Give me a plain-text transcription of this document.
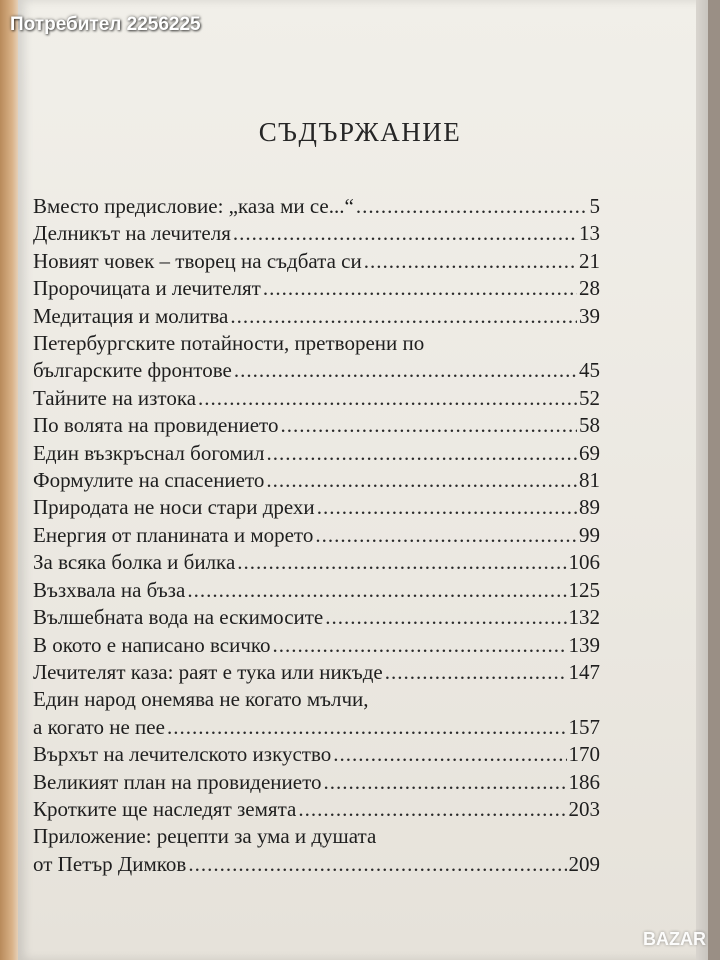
Потребител 2256225
BAZAR
СЪДЪРЖАНИЕ
Вместо предисловие: „каза ми се...“ .....	5
Делникът на лечителя .....	13
Новият човек – творец на съдбата си .....	21
Пророчицата и лечителят .....	28
Медитация и молитва .....	39
Петербургските потайности, претворени по
българските фронтове .....	45
Тайните на изтока .....	52
По волята на провидението .....	58
Един възкръснал богомил .....	69
Формулите на спасението .....	81
Природата не носи стари дрехи .....	89
Енергия от планината и морето .....	99
За всяка болка и билка .....	106
Възхвала на бъза .....	125
Вълшебната вода на ескимосите .....	132
В окото е написано всичко .....	139
Лечителят каза: раят е тука или никъде .....	147
Един народ онемява не когато мълчи,
а когато не пее .....	157
Върхът на лечителското изкуство .....	170
Великият план на провидението .....	186
Кротките ще наследят земята .....	203
Приложение: рецепти за ума и душата
от Петър Димков .....	209
